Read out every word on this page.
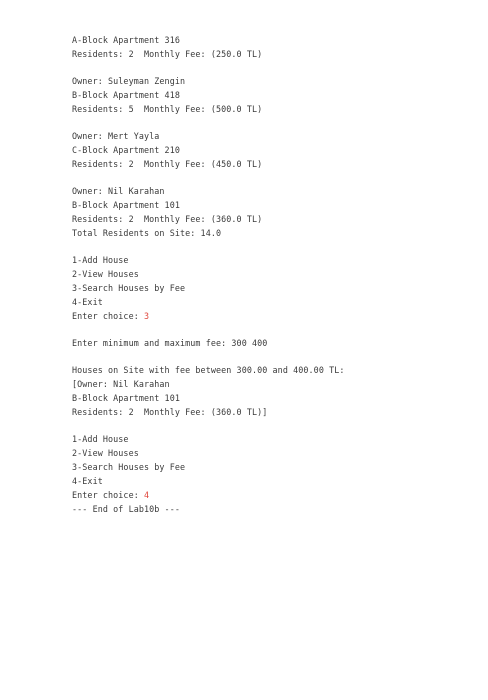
A-Block Apartment 316
Residents: 2  Monthly Fee: (250.0 TL)
Owner: Suleyman Zengin
B-Block Apartment 418
Residents: 5  Monthly Fee: (500.0 TL)
Owner: Mert Yayla
C-Block Apartment 210
Residents: 2  Monthly Fee: (450.0 TL)
Owner: Nil Karahan
B-Block Apartment 101
Residents: 2  Monthly Fee: (360.0 TL)
Total Residents on Site: 14.0
1-Add House
2-View Houses
3-Search Houses by Fee
4-Exit
Enter choice: 3
Enter minimum and maximum fee: 300 400
Houses on Site with fee between 300.00 and 400.00 TL:
[Owner: Nil Karahan
B-Block Apartment 101
Residents: 2  Monthly Fee: (360.0 TL)]
1-Add House
2-View Houses
3-Search Houses by Fee
4-Exit
Enter choice: 4
--- End of Lab10b ---
